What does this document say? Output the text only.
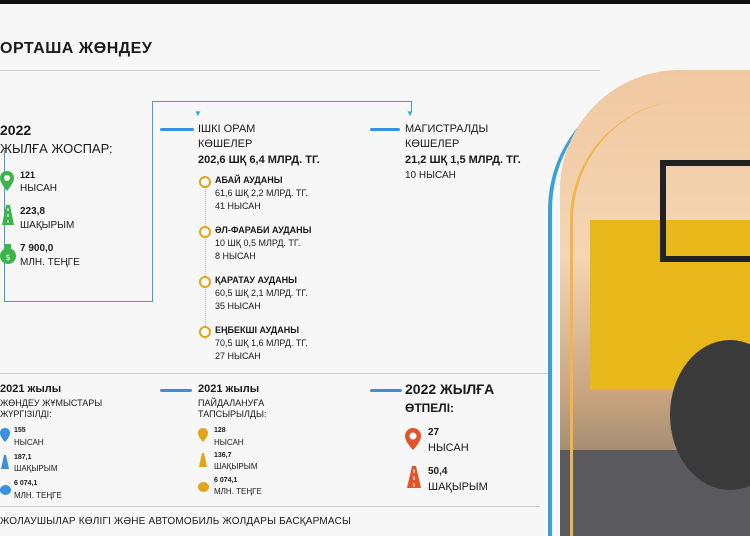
ОРТАША ЖӨНДЕУ
▼	▼
2022
ЖЫЛҒА ЖОСПАР:
121
НЫСАН
223,8
ШАҚЫРЫМ
$
7 900,0
МЛН. ТЕҢГЕ
ІШКІ ОРАМ
КӨШЕЛЕР
202,6 ШҚ 6,4 МЛРД. ТГ.
АБАЙ АУДАНЫ
61,6 ШҚ 2,2 МЛРД. ТГ.
41 НЫСАН
ӘЛ-ФАРАБИ АУДАНЫ
10 ШҚ 0,5 МЛРД. ТГ.
8 НЫСАН
ҚАРАТАУ АУДАНЫ
60,5 ШҚ 2,1 МЛРД. ТГ.
35 НЫСАН
ЕҢБЕКШІ АУДАНЫ
70,5 ШҚ 1,6 МЛРД. ТГ.
27 НЫСАН
МАГИСТРАЛДЫ
КӨШЕЛЕР
21,2 ШҚ 1,5 МЛРД. ТГ.
10 НЫСАН
2021 жылы
ЖӨНДЕУ ЖҰМЫСТАРЫ
ЖҮРГІЗІЛДІ:
155
НЫСАН
187,1
ШАҚЫРЫМ
6 074,1
МЛН. ТЕҢГЕ
2021 жылы
ПАЙДАЛАНУҒА
ТАПСЫРЫЛДЫ:
128
НЫСАН
136,7
ШАҚЫРЫМ
6 074,1
МЛН. ТЕҢГЕ
2022 ЖЫЛҒА
ӨТПЕЛІ:
27
НЫСАН
50,4
ШАҚЫРЫМ
ЖОЛАУШЫЛАР КӨЛІГІ ЖӘНЕ АВТОМОБИЛЬ ЖОЛДАРЫ БАСҚАРМАСЫ
